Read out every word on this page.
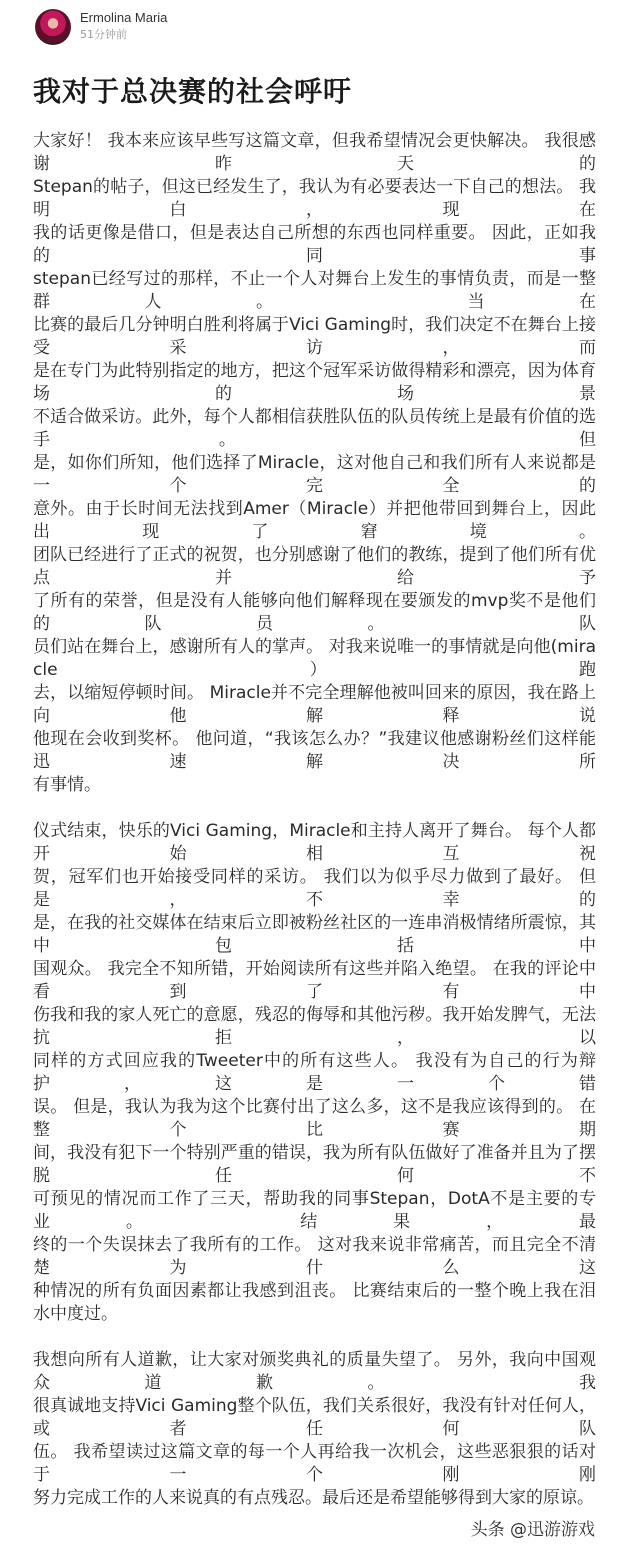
Ermolina Maria
51分钟前
我对于总决赛的社会呼吁
大家好！ 我本来应该早些写这篇文章，但我希望情况会更快解决。 我很感谢昨天的
Stepan的帖子，但这已经发生了，我认为有必要表达一下自己的想法。 我明白，现在
我的话更像是借口，但是表达自己所想的东西也同样重要。 因此，正如我的同事
stepan已经写过的那样，不止一个人对舞台上发生的事情负责，而是一整群人。 当在
比赛的最后几分钟明白胜利将属于Vici Gaming时，我们决定不在舞台上接受采访，而
是在专门为此特别指定的地方，把这个冠军采访做得精彩和漂亮，因为体育场的场景
不适合做采访。此外，每个人都相信获胜队伍的队员传统上是最有价值的选手。 但
是，如你们所知，他们选择了Miracle，这对他自己和我们所有人来说都是一个完全的
意外。由于长时间无法找到Amer（Miracle）并把他带回到舞台上，因此出现了窘境。
团队已经进行了正式的祝贺，也分别感谢了他们的教练，提到了他们所有优点并给予
了所有的荣誉，但是没有人能够向他们解释现在要颁发的mvp奖不是他们的队员。 队
员们站在舞台上，感谢所有人的掌声。 对我来说唯一的事情就是向他(miracle）跑
去，以缩短停顿时间。 Miracle并不完全理解他被叫回来的原因，我在路上向他解释说
他现在会收到奖杯。 他问道，“我该怎么办？”我建议他感谢粉丝们这样能迅速解决所
有事情。
仪式结束，快乐的Vici Gaming，Miracle和主持人离开了舞台。 每个人都开始相互祝
贺，冠军们也开始接受同样的采访。 我们以为似乎尽力做到了最好。 但是，不幸的
是，在我的社交媒体在结束后立即被粉丝社区的一连串消极情绪所震惊，其中包括中
国观众。 我完全不知所错，开始阅读所有这些并陷入绝望。 在我的评论中看到了有中
伤我和我的家人死亡的意愿，残忍的侮辱和其他污秽。我开始发脾气，无法抗拒，以
同样的方式回应我的Tweeter中的所有这些人。 我没有为自己的行为辩护，这是一个错
误。 但是，我认为我为这个比赛付出了这么多，这不是我应该得到的。 在整个比赛期
间，我没有犯下一个特别严重的错误，我为所有队伍做好了准备并且为了摆脱任何不
可预见的情况而工作了三天，帮助我的同事Stepan，DotA不是主要的专业。 结果，最
终的一个失误抹去了我所有的工作。 这对我来说非常痛苦，而且完全不清楚为什么这
种情况的所有负面因素都让我感到沮丧。 比赛结束后的一整个晚上我在泪水中度过。
我想向所有人道歉，让大家对颁奖典礼的质量失望了。 另外，我向中国观众道歉。 我
很真诚地支持Vici Gaming整个队伍，我们关系很好，我没有针对任何人，或者任何队
伍。 我希望读过这篇文章的每一个人再给我一次机会，这些恶狠狠的话对于一个刚刚
努力完成工作的人来说真的有点残忍。最后还是希望能够得到大家的原谅。
头条 @迅游游戏
